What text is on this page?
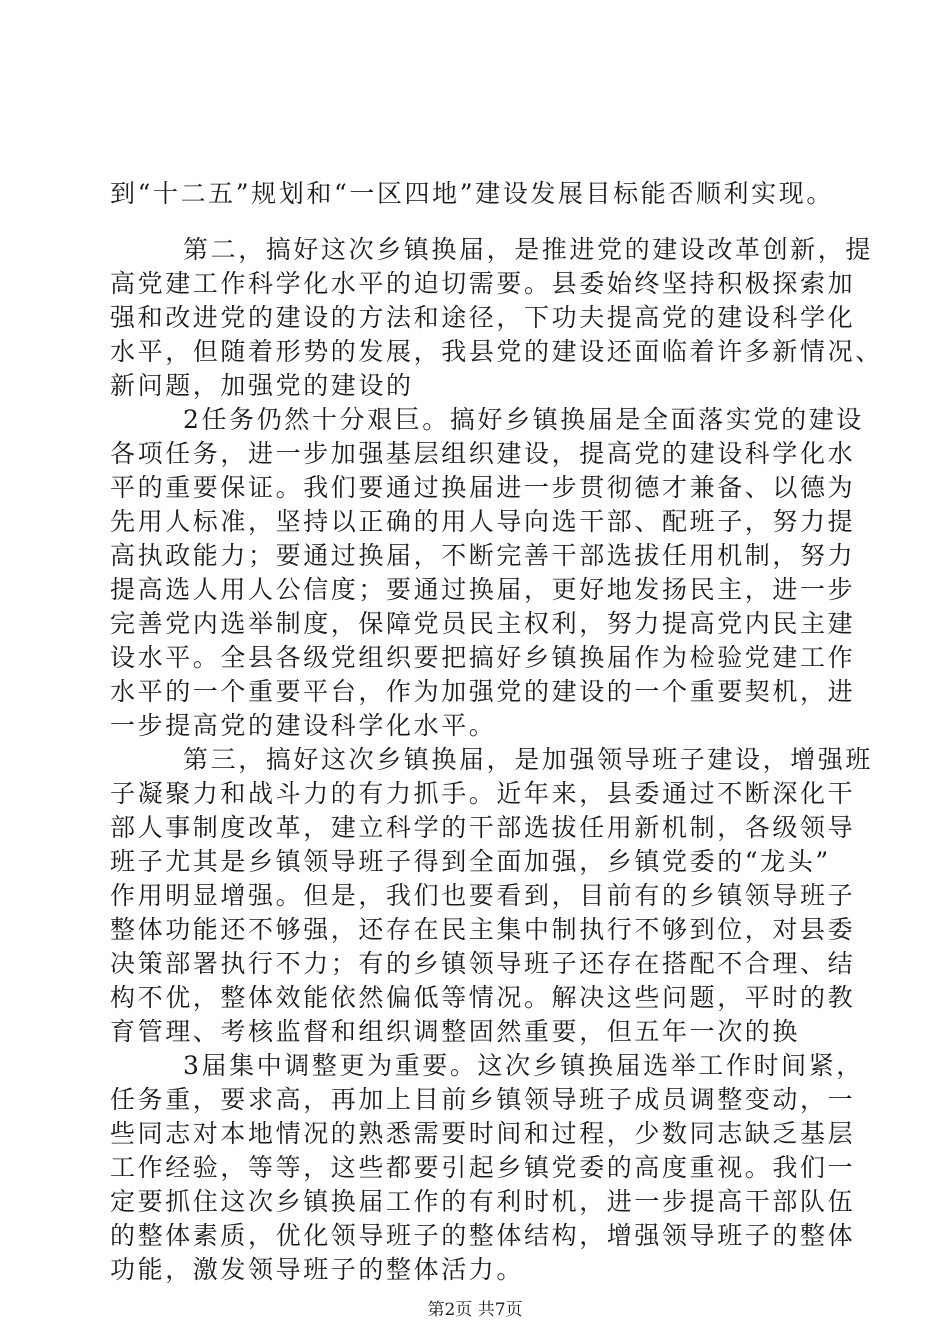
到“十二五”规划和“一区四地”建设发展目标能否顺利实现。
第二，搞好这次乡镇换届，是推进党的建设改革创新，提
高党建工作科学化水平的迫切需要。县委始终坚持积极探索加
强和改进党的建设的方法和途径，下功夫提高党的建设科学化
水平，但随着形势的发展，我县党的建设还面临着许多新情况、
新问题，加强党的建设的
2任务仍然十分艰巨。搞好乡镇换届是全面落实党的建设
各项任务，进一步加强基层组织建设，提高党的建设科学化水
平的重要保证。我们要通过换届进一步贯彻德才兼备、以德为
先用人标准，坚持以正确的用人导向选干部、配班子，努力提
高执政能力；要通过换届，不断完善干部选拔任用机制，努力
提高选人用人公信度；要通过换届，更好地发扬民主，进一步
完善党内选举制度，保障党员民主权利，努力提高党内民主建
设水平。全县各级党组织要把搞好乡镇换届作为检验党建工作
水平的一个重要平台，作为加强党的建设的一个重要契机，进
一步提高党的建设科学化水平。
第三，搞好这次乡镇换届，是加强领导班子建设，增强班
子凝聚力和战斗力的有力抓手。近年来，县委通过不断深化干
部人事制度改革，建立科学的干部选拔任用新机制，各级领导
班子尤其是乡镇领导班子得到全面加强，乡镇党委的“龙头”
作用明显增强。但是，我们也要看到，目前有的乡镇领导班子
整体功能还不够强，还存在民主集中制执行不够到位，对县委
决策部署执行不力；有的乡镇领导班子还存在搭配不合理、结
构不优，整体效能依然偏低等情况。解决这些问题，平时的教
育管理、考核监督和组织调整固然重要，但五年一次的换
3届集中调整更为重要。这次乡镇换届选举工作时间紧，
任务重，要求高，再加上目前乡镇领导班子成员调整变动，一
些同志对本地情况的熟悉需要时间和过程，少数同志缺乏基层
工作经验，等等，这些都要引起乡镇党委的高度重视。我们一
定要抓住这次乡镇换届工作的有利时机，进一步提高干部队伍
的整体素质，优化领导班子的整体结构，增强领导班子的整体
功能，激发领导班子的整体活力。
第2页 共7页
